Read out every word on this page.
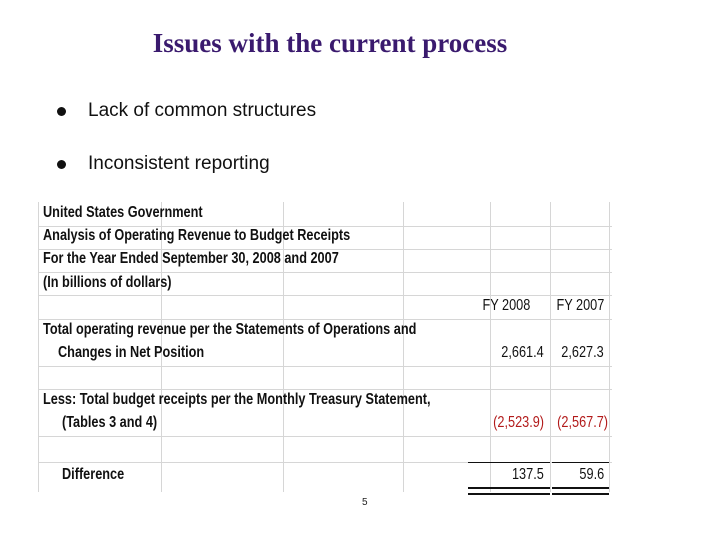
Issues with the current process
Lack of common structures
Inconsistent reporting
United States Government
Analysis of Operating Revenue to Budget Receipts
For the Year Ended September 30, 2008 and 2007
(In billions of dollars)
FY 2008 FY 2007
Total operating revenue per the Statements of Operations and
Changes in Net Position	2,661.4 2,627.3
Less: Total budget receipts per the Monthly Treasury Statement,
(Tables 3 and 4)	(2,523.9) (2,567.7)
Difference	137.5 59.6
5
